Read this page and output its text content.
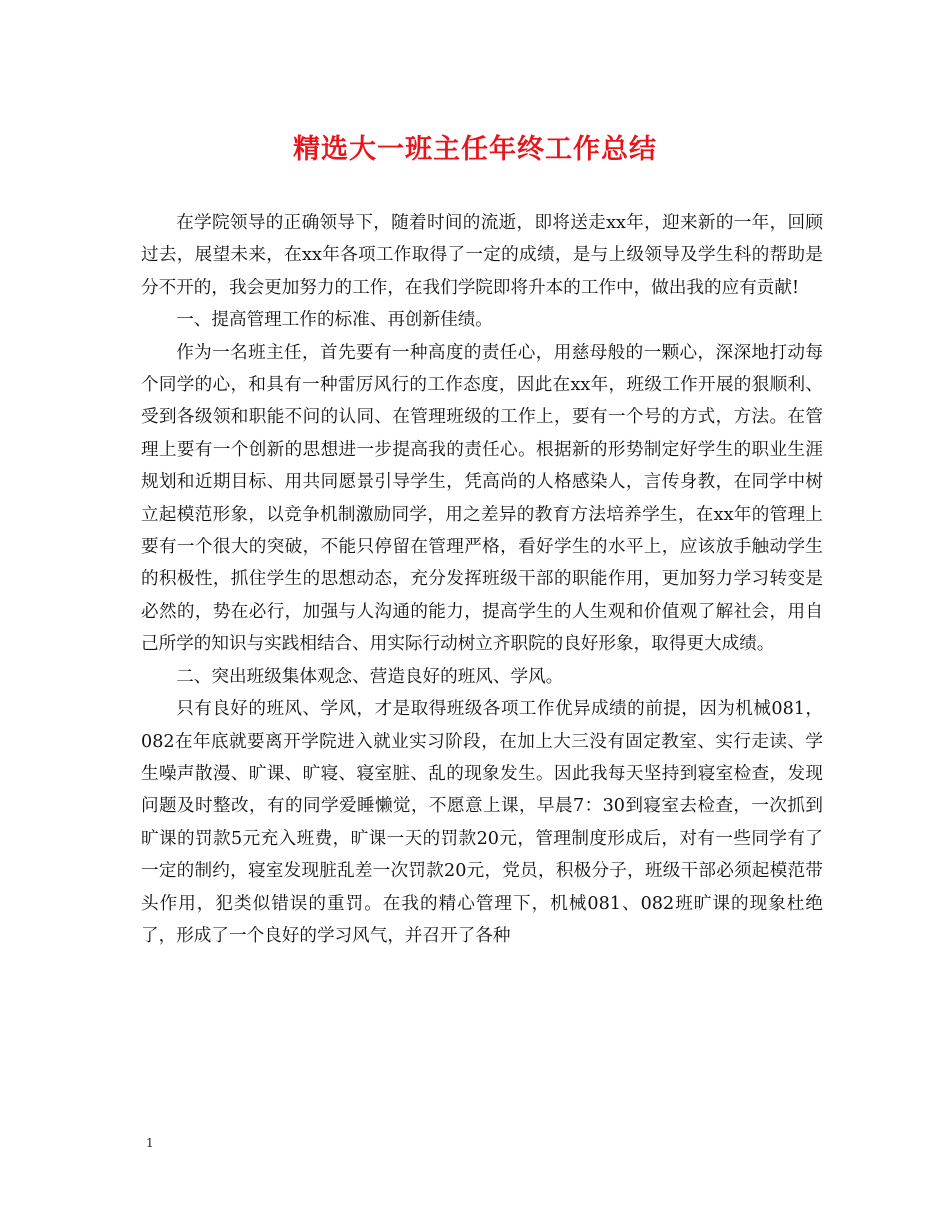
精选大一班主任年终工作总结

在学院领导的正确领导下，随着时间的流逝，即将送走xx年，迎来新的一年，回顾过去，展望未来，在xx年各项工作取得了一定的成绩，是与上级领导及学生科的帮助是分不开的，我会更加努力的工作，在我们学院即将升本的工作中，做出我的应有贡献!

一、提高管理工作的标准、再创新佳绩。

作为一名班主任，首先要有一种高度的责任心，用慈母般的一颗心，深深地打动每个同学的心，和具有一种雷厉风行的工作态度，因此在xx年，班级工作开展的狠顺利、受到各级领和职能不问的认同、在管理班级的工作上，要有一个号的方式，方法。在管理上要有一个创新的思想进一步提高我的责任心。根据新的形势制定好学生的职业生涯规划和近期目标、用共同愿景引导学生，凭高尚的人格感染人，言传身教，在同学中树立起模范形象，以竞争机制激励同学，用之差异的教育方法培养学生，在xx年的管理上要有一个很大的突破，不能只停留在管理严格，看好学生的水平上，应该放手触动学生的积极性，抓住学生的思想动态，充分发挥班级干部的职能作用，更加努力学习转变是必然的，势在必行，加强与人沟通的能力，提高学生的人生观和价值观了解社会，用自己所学的知识与实践相结合、用实际行动树立齐职院的良好形象，取得更大成绩。

二、突出班级集体观念、营造良好的班风、学风。

只有良好的班风、学风，才是取得班级各项工作优异成绩的前提，因为机械081，082在年底就要离开学院进入就业实习阶段，在加上大三没有固定教室、实行走读、学生噪声散漫、旷课、旷寝、寝室脏、乱的现象发生。因此我每天坚持到寝室检查，发现问题及时整改，有的同学爱睡懒觉，不愿意上课，早晨7：30到寝室去检查，一次抓到旷课的罚款5元充入班费，旷课一天的罚款20元，管理制度形成后，对有一些同学有了一定的制约，寝室发现脏乱差一次罚款20元，党员，积极分子，班级干部必须起模范带头作用，犯类似错误的重罚。在我的精心管理下，机械081、082班旷课的现象杜绝了，形成了一个良好的学习风气，并召开了各种

1
